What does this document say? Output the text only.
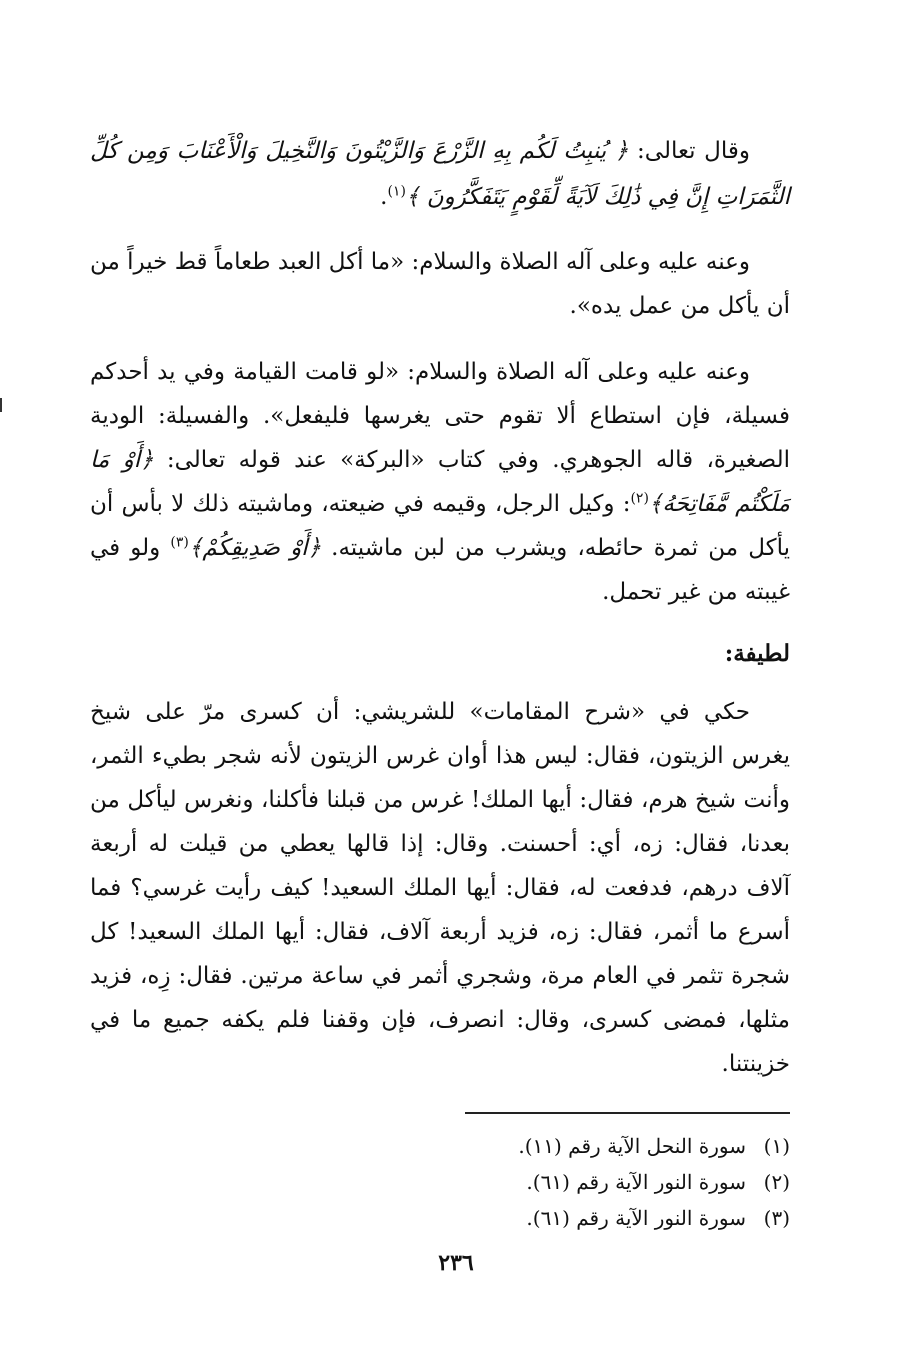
وقال تعالى: ﴿ يُنبِتُ لَكُم بِهِ الزَّرْعَ وَالزَّيْتُونَ وَالنَّخِيلَ وَالْأَعْنَابَ وَمِن كُلِّ الثَّمَرَاتِ إِنَّ فِي ذَٰلِكَ لَآيَةً لِّقَوْمٍ يَتَفَكَّرُونَ ﴾$^{(١)}$.

وعنه عليه وعلى آله الصلاة والسلام: «ما أكل العبد طعاماً قط خيراً من أن يأكل من عمل يده».

وعنه عليه وعلى آله الصلاة والسلام: «لو قامت القيامة وفي يد أحدكم فسيلة، فإن استطاع ألا تقوم حتى يغرسها فليفعل». والفسيلة: الودية الصغيرة، قاله الجوهري. وفي كتاب «البركة» عند قوله تعالى: ﴿أَوْ مَا مَلَكْتُم مَّفَاتِحَهُ﴾$^{(٢)}$: وكيل الرجل، وقيمه في ضيعته، وماشيته ذلك لا بأس أن يأكل من ثمرة حائطه، ويشرب من لبن ماشيته. ﴿أَوْ صَدِيقِكُمْ﴾$^{(٣)}$ ولو في غيبته من غير تحمل.

لطيفة:

حكي في «شرح المقامات» للشريشي: أن كسرى مرّ على شيخ يغرس الزيتون، فقال: ليس هذا أوان غرس الزيتون لأنه شجر بطيء الثمر، وأنت شيخ هرم، فقال: أيها الملك! غرس من قبلنا فأكلنا، ونغرس ليأكل من بعدنا، فقال: زه، أي: أحسنت. وقال: إذا قالها يعطي من قيلت له أربعة آلاف درهم، فدفعت له، فقال: أيها الملك السعيد! كيف رأيت غرسي؟ فما أسرع ما أثمر، فقال: زه، فزيد أربعة آلاف، فقال: أيها الملك السعيد! كل شجرة تثمر في العام مرة، وشجري أثمر في ساعة مرتين. فقال: زِه، فزيد مثلها، فمضى كسرى، وقال: انصرف، فإن وقفنا فلم يكفه جميع ما في خزينتنا.

(١)سورة النحل الآية رقم (١١).
(٢)سورة النور الآية رقم (٦١).
(٣)سورة النور الآية رقم (٦١).
٢٣٦
